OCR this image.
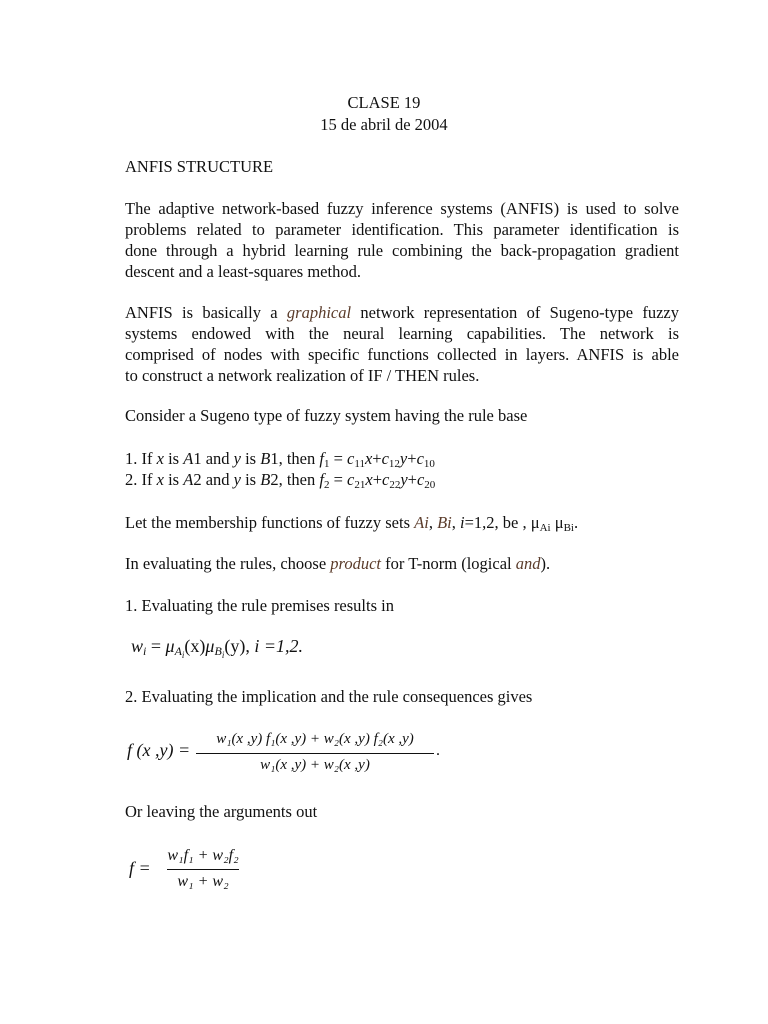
CLASE 19
15 de abril de 2004
ANFIS STRUCTURE
The adaptive network-based fuzzy inference systems (ANFIS) is used to solve
problems related to parameter identification. This parameter identification is
done through a hybrid learning rule combining the back-propagation gradient
descent and a least-squares method.
ANFIS is basically a graphical network representation of Sugeno-type fuzzy
systems endowed with the neural learning capabilities. The network is
comprised of nodes with specific functions collected in layers. ANFIS is able
to construct a network realization of IF / THEN rules.
Consider a Sugeno type of fuzzy system having the rule base
1. If x is A1 and y is B1, then $f_1 = c_{11}x+c_{12}y+c_{10}$
2. If x is A2 and y is B2, then $f_2 = c_{21}x+c_{22}y+c_{20}$
Let the membership functions of fuzzy sets Ai, Bi, i=1,2, be , $\mu_{Ai}$ $\mu_{Bi}$.
In evaluating the rules, choose product for T-norm (logical and).
1. Evaluating the rule premises results in
$w_i = \mu_{A_i}(x)\mu_{B_i}(y)$, i =1,2.
2. Evaluating the implication and the rule consequences gives
f (x ,y) =
w₁(x ,y) f₁(x ,y) + w₂(x ,y) f₂(x ,y)
w₁(x ,y) + w₂(x ,y)
.
Or leaving the arguments out
f =
w₁f₁ + w₂f₂
w₁ + w₂
